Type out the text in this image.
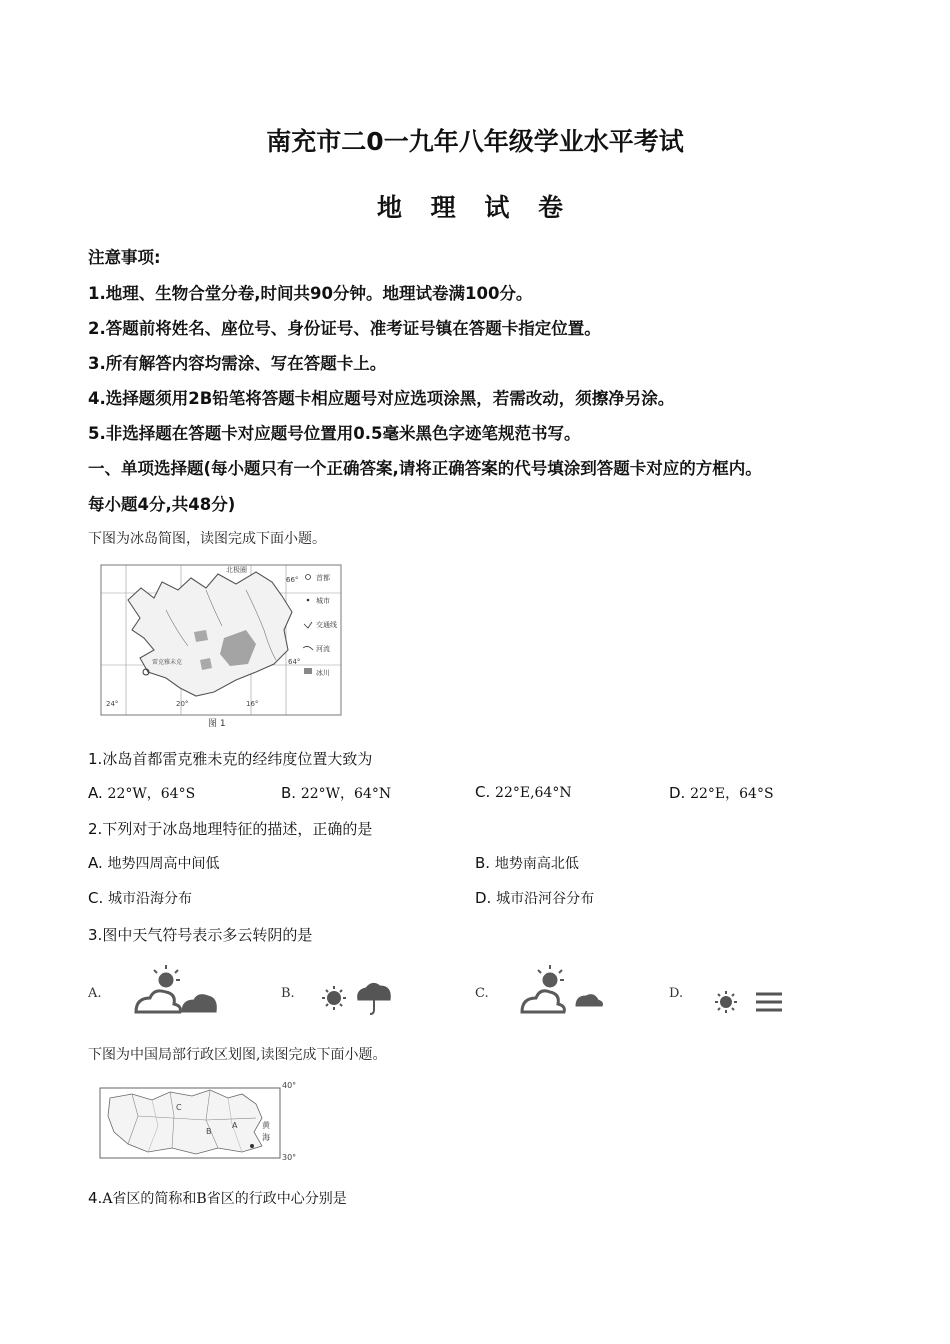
南充市二0一九年八年级学业水平考试
地 理 试 卷
注意事项:
1.地理、生物合堂分卷,时间共90分钟。地理试卷满100分。
2.答题前将姓名、座位号、身份证号、准考证号镇在答题卡指定位置。
3.所有解答内容均需涂、写在答题卡上。
4.选择题须用2B铅笔将答题卡相应题号对应选项涂黑，若需改动，须擦净另涂。
5.非选择题在答题卡对应题号位置用0.5毫米黑色字迹笔规范书写。
一、单项选择题(每小题只有一个正确答案,请将正确答案的代号填涂到答题卡对应的方框内。
每小题4分,共48分)
下图为冰岛简图，读图完成下面小题。
雷克雅未克
北极圈
66°
64°
24°	20°	16°
首都
城市
交通线
河流
冰川
图 1
1.冰岛首都雷克雅未克的经纬度位置大致为
A. 22°W，64°S	B. 22°W，64°N	C. 22°E,64°N	D. 22°E，64°S
2.下列对于冰岛地理特征的描述，正确的是
A. 地势四周高中间低	B. 地势南高北低
C. 城市沿海分布	D. 城市沿河谷分布
3.图中天气符号表示多云转阴的是
A.	B.	C.	D.
下图为中国局部行政区划图,读图完成下面小题。
C
B
A	黄
海
40°
30°
4.A省区的简称和B省区的行政中心分别是
